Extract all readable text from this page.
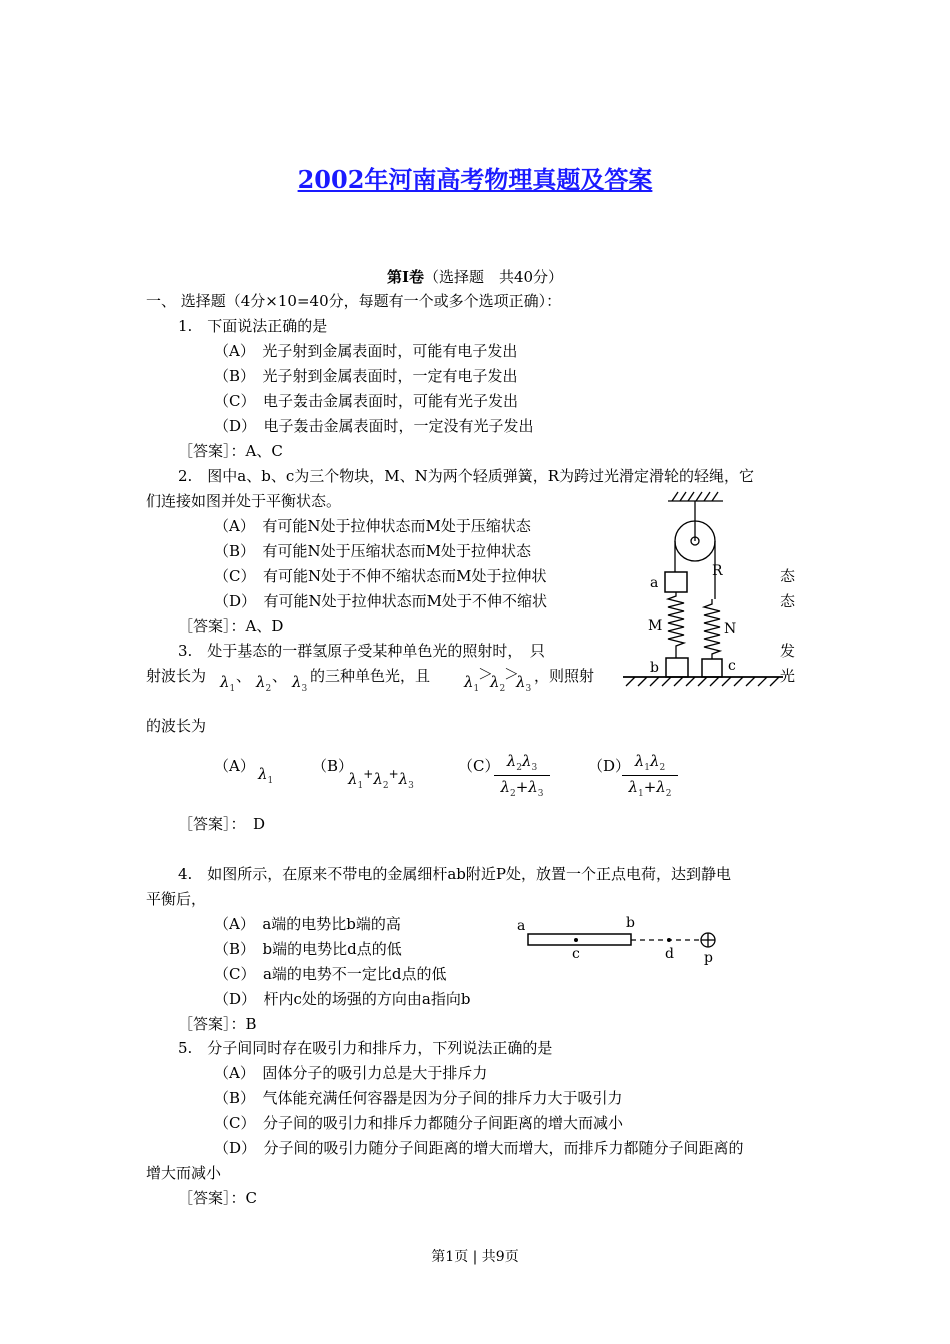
2002年河南高考物理真题及答案
第Ⅰ卷（选择题　共40分）
一、 选择题（4分×10=40分，每题有一个或多个选项正确）：
1.　下面说法正确的是
（A）　光子射到金属表面时，可能有电子发出
（B）　光子射到金属表面时，一定有电子发出
（C）　电子轰击金属表面时，可能有光子发出
（D）　电子轰击金属表面时，一定没有光子发出
［答案］：A、C
2.　图中a、b、c为三个物块，M、N为两个轻质弹簧，R为跨过光滑定滑轮的轻绳，它
们连接如图并处于平衡状态。
（A）　有可能N处于拉伸状态而M处于压缩状态
（B）　有可能N处于压缩状态而M处于拉伸状态
（C）　有可能N处于不伸不缩状态而M处于拉伸状	态
（D）　有可能N处于拉伸状态而M处于不伸不缩状	态
［答案］：A、D
a
R
M	N
b	c
3.　处于基态的一群氢原子受某种单色光的照射时，　只	发
射波长为 $\lambda_1$
、 $\lambda_2$
、 $\lambda_3$
的三种单色光，且 $\lambda_1$
＞
$\lambda_2$
＞
$\lambda_3$
，则照射	光
的波长为
（A） $\lambda_1$
（B）
$\lambda_1^+\lambda_2^+\lambda_3$
（C）
$\frac{\lambda_2\lambda_3}{\lambda_2+\lambda_3}$	（D）
$\frac{\lambda_1\lambda_2}{\lambda_1+\lambda_2}$
［答案］：　D
4.　如图所示，在原来不带电的金属细杆ab附近P处，放置一个正点电荷，达到静电
平衡后，
（A）　a端的电势比b端的高
（B）　b端的电势比d点的低
（C）　a端的电势不一定比d点的低
（D）　杆内c处的场强的方向由a指向b
［答案］：B
a	b
c	d p
5.　分子间同时存在吸引力和排斥力，下列说法正确的是
（A）　固体分子的吸引力总是大于排斥力
（B）　气体能充满任何容器是因为分子间的排斥力大于吸引力
（C）　分子间的吸引力和排斥力都随分子间距离的增大而减小
（D）　分子间的吸引力随分子间距离的增大而增大，而排斥力都随分子间距离的
增大而减小
［答案］：C
第1页 | 共9页
